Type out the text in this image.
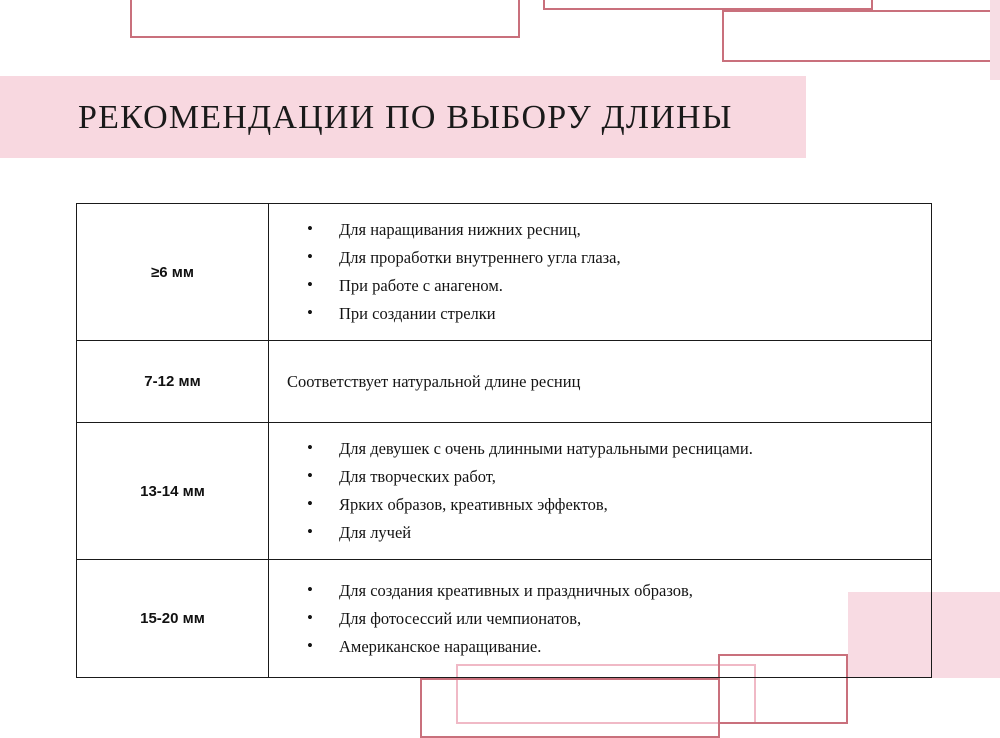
РЕКОМЕНДАЦИИ ПО ВЫБОРУ ДЛИНЫ
≥6 мм	
• Для наращивания нижних ресниц,
• Для проработки внутреннего угла глаза,
• При работе с анагеном.
• При создании стрелки

7-12 мм	Соответствует натуральной длине ресниц

13-14 мм	
• Для девушек с очень длинными натуральными ресницами.
• Для творческих работ,
• Ярких образов, креативных эффектов,
• Для лучей

15-20 мм	
• Для создания креативных и праздничных образов,
• Для фотосессий или чемпионатов,
• Американское наращивание.
